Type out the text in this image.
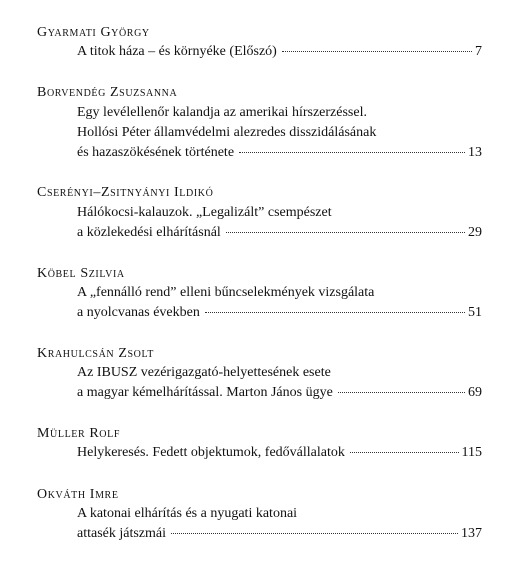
Gyarmati György
A titok háza – és környéke (Előszó)	7
Borvendég Zsuzsanna
Egy levélellenőr kalandja az amerikai hírszerzéssel.
Hollósi Péter államvédelmi alezredes disszidálásának
és hazaszökésének története	13
Cserényi–Zsitnyányi Ildikó
Hálókocsi-kalauzok. „Legalizált” csempészet
a közlekedési elhárításnál	29
Köbel Szilvia
A „fennálló rend” elleni bűncselekmények vizsgálata
a nyolcvanas években	51
Krahulcsán Zsolt
Az IBUSZ vezérigazgató-helyettesének esete
a magyar kémelhárítással. Marton János ügye	69
Müller Rolf
Helykeresés. Fedett objektumok, fedővállalatok	115
Okváth Imre
A katonai elhárítás és a nyugati katonai
attasék játszmái	137
